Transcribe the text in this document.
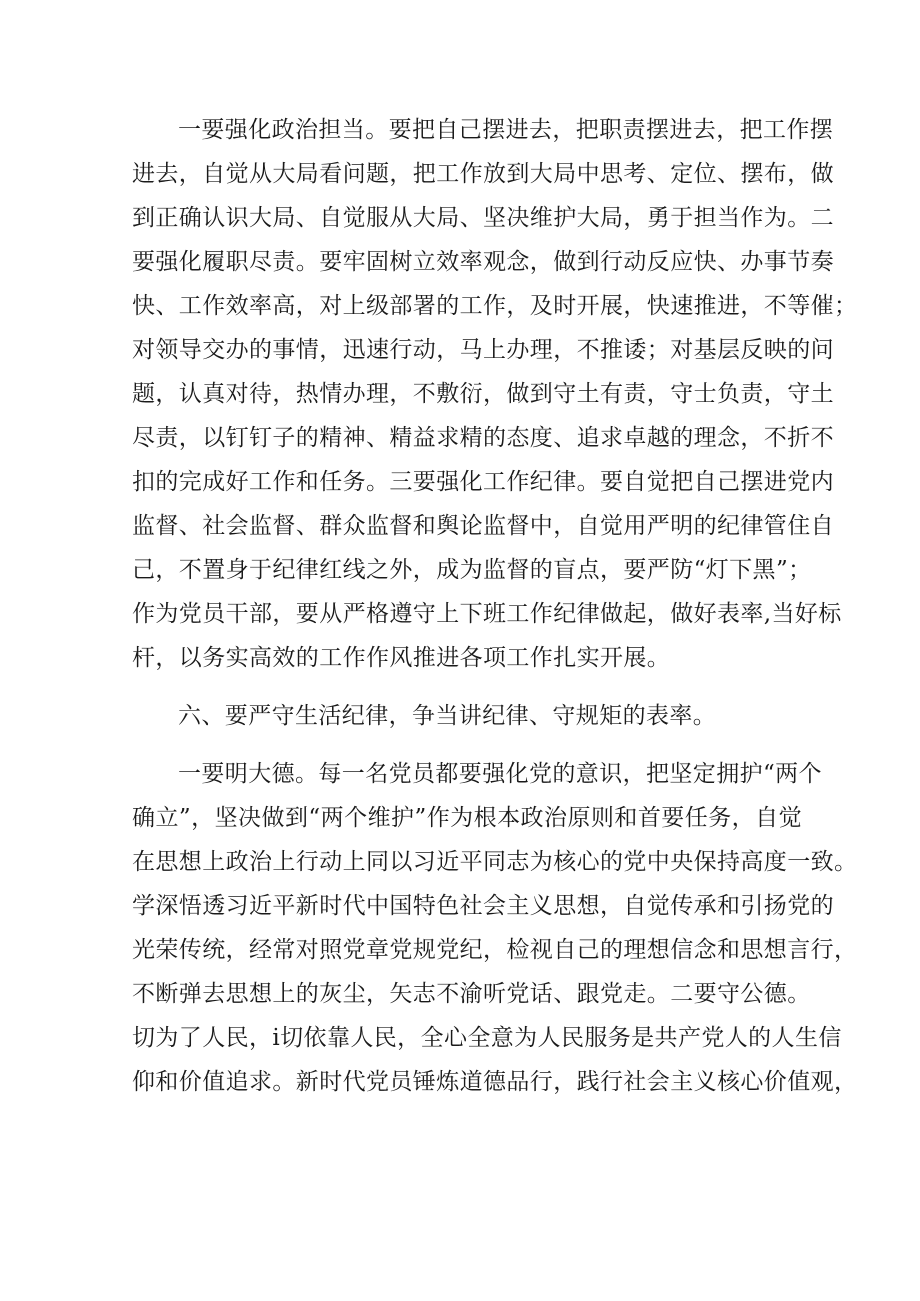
一要强化政治担当。要把自己摆进去，把职责摆进去，把工作摆
进去，自觉从大局看问题，把工作放到大局中思考、定位、摆布，做
到正确认识大局、自觉服从大局、坚决维护大局，勇于担当作为。二
要强化履职尽责。要牢固树立效率观念，做到行动反应快、办事节奏
快、工作效率高，对上级部署的工作，及时开展，快速推进，不等催；
对领导交办的事情，迅速行动，马上办理，不推诿；对基层反映的问
题，认真对待，热情办理，不敷衍，做到守土有责，守士负责，守土
尽责，以钉钉子的精神、精益求精的态度、追求卓越的理念，不折不
扣的完成好工作和任务。三要强化工作纪律。要自觉把自己摆进党内
监督、社会监督、群众监督和舆论监督中，自觉用严明的纪律管住自
己，不置身于纪律红线之外，成为监督的盲点，要严防“灯下黑”；
作为党员干部，要从严格遵守上下班工作纪律做起，做好表率,当好标
杆，以务实高效的工作作风推进各项工作扎实开展。
六、要严守生活纪律，争当讲纪律、守规矩的表率。
一要明大德。每一名党员都要强化党的意识，把坚定拥护“两个
确立”，坚决做到“两个维护”作为根本政治原则和首要任务，自觉
在思想上政治上行动上同以习近平同志为核心的党中央保持高度一致。
学深悟透习近平新时代中国特色社会主义思想，自觉传承和引扬党的
光荣传统，经常对照党章党规党纪，检视自己的理想信念和思想言行，
不断弹去思想上的灰尘，矢志不渝听党话、跟党走。二要守公德。
切为了人民，i切依靠人民，全心全意为人民服务是共产党人的人生信
仰和价值追求。新时代党员锤炼道德品行，践行社会主义核心价值观，
